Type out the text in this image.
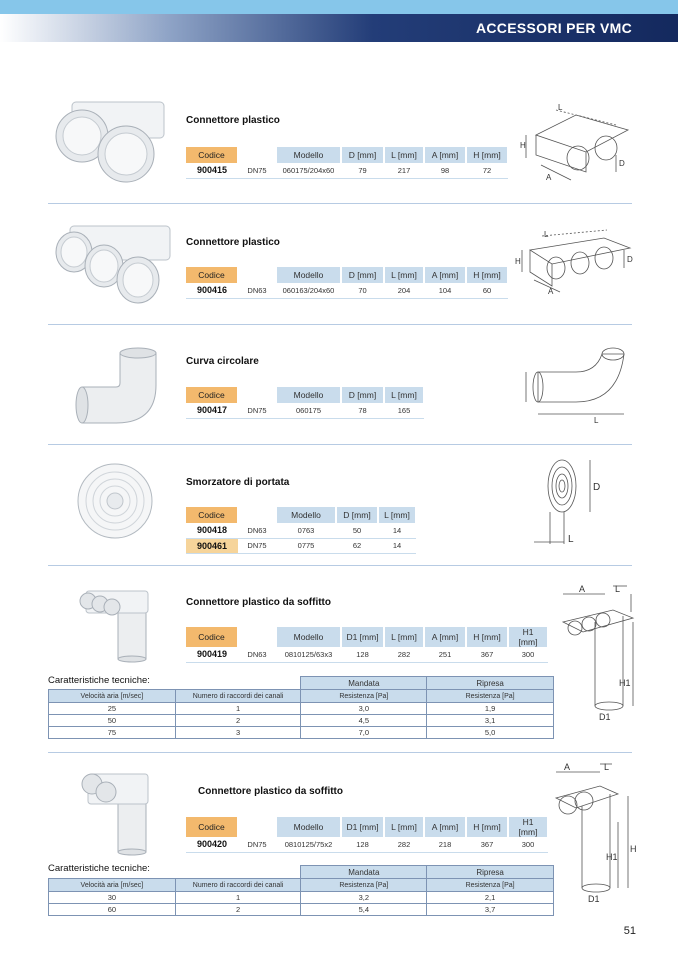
ACCESSORI PER VMC
Connettore plastico
Codice		Modello	D [mm]	L [mm]	A [mm]	H [mm]
900415	DN75	060175/204x60	79	217	98	72
L
H
A
D
Connettore plastico
Codice		Modello	D [mm]	L [mm]	A [mm]	H [mm]
900416	DN63	060163/204x60	70	204	104	60
L
H
A
D
Curva circolare
Codice		Modello	D [mm]	L [mm]
900417	DN75	060175	78	165
L
Smorzatore di portata
Codice		Modello	D [mm]	L [mm]
900418	DN63	0763	50	14
900461	DN75	0775	62	14
D
L
Connettore plastico da soffitto
Codice		Modello	D1 [mm]	L [mm]	A [mm]	H [mm]	H1 [mm]
900419	DN63	0810125/63x3	128	282	251	367	300
Caratteristiche tecniche:
		Mandata	Ripresa
Velocità aria [m/sec]	Numero di raccordi dei canali	Resistenza [Pa]	Resistenza [Pa]
25	1	3,0	1,9
50	2	4,5	3,1
75	3	7,0	5,0
A	L
H1
D1
Connettore plastico da soffitto
Codice		Modello	D1 [mm]	L [mm]	A [mm]	H [mm]	H1 [mm]
900420	DN75	0810125/75x2	128	282	218	367	300
Caratteristiche tecniche:
		Mandata	Ripresa
Velocità aria [m/sec]	Numero di raccordi dei canali	Resistenza [Pa]	Resistenza [Pa]
30	1	3,2	2,1
60	2	5,4	3,7
A	L
H1
H
D1
51
